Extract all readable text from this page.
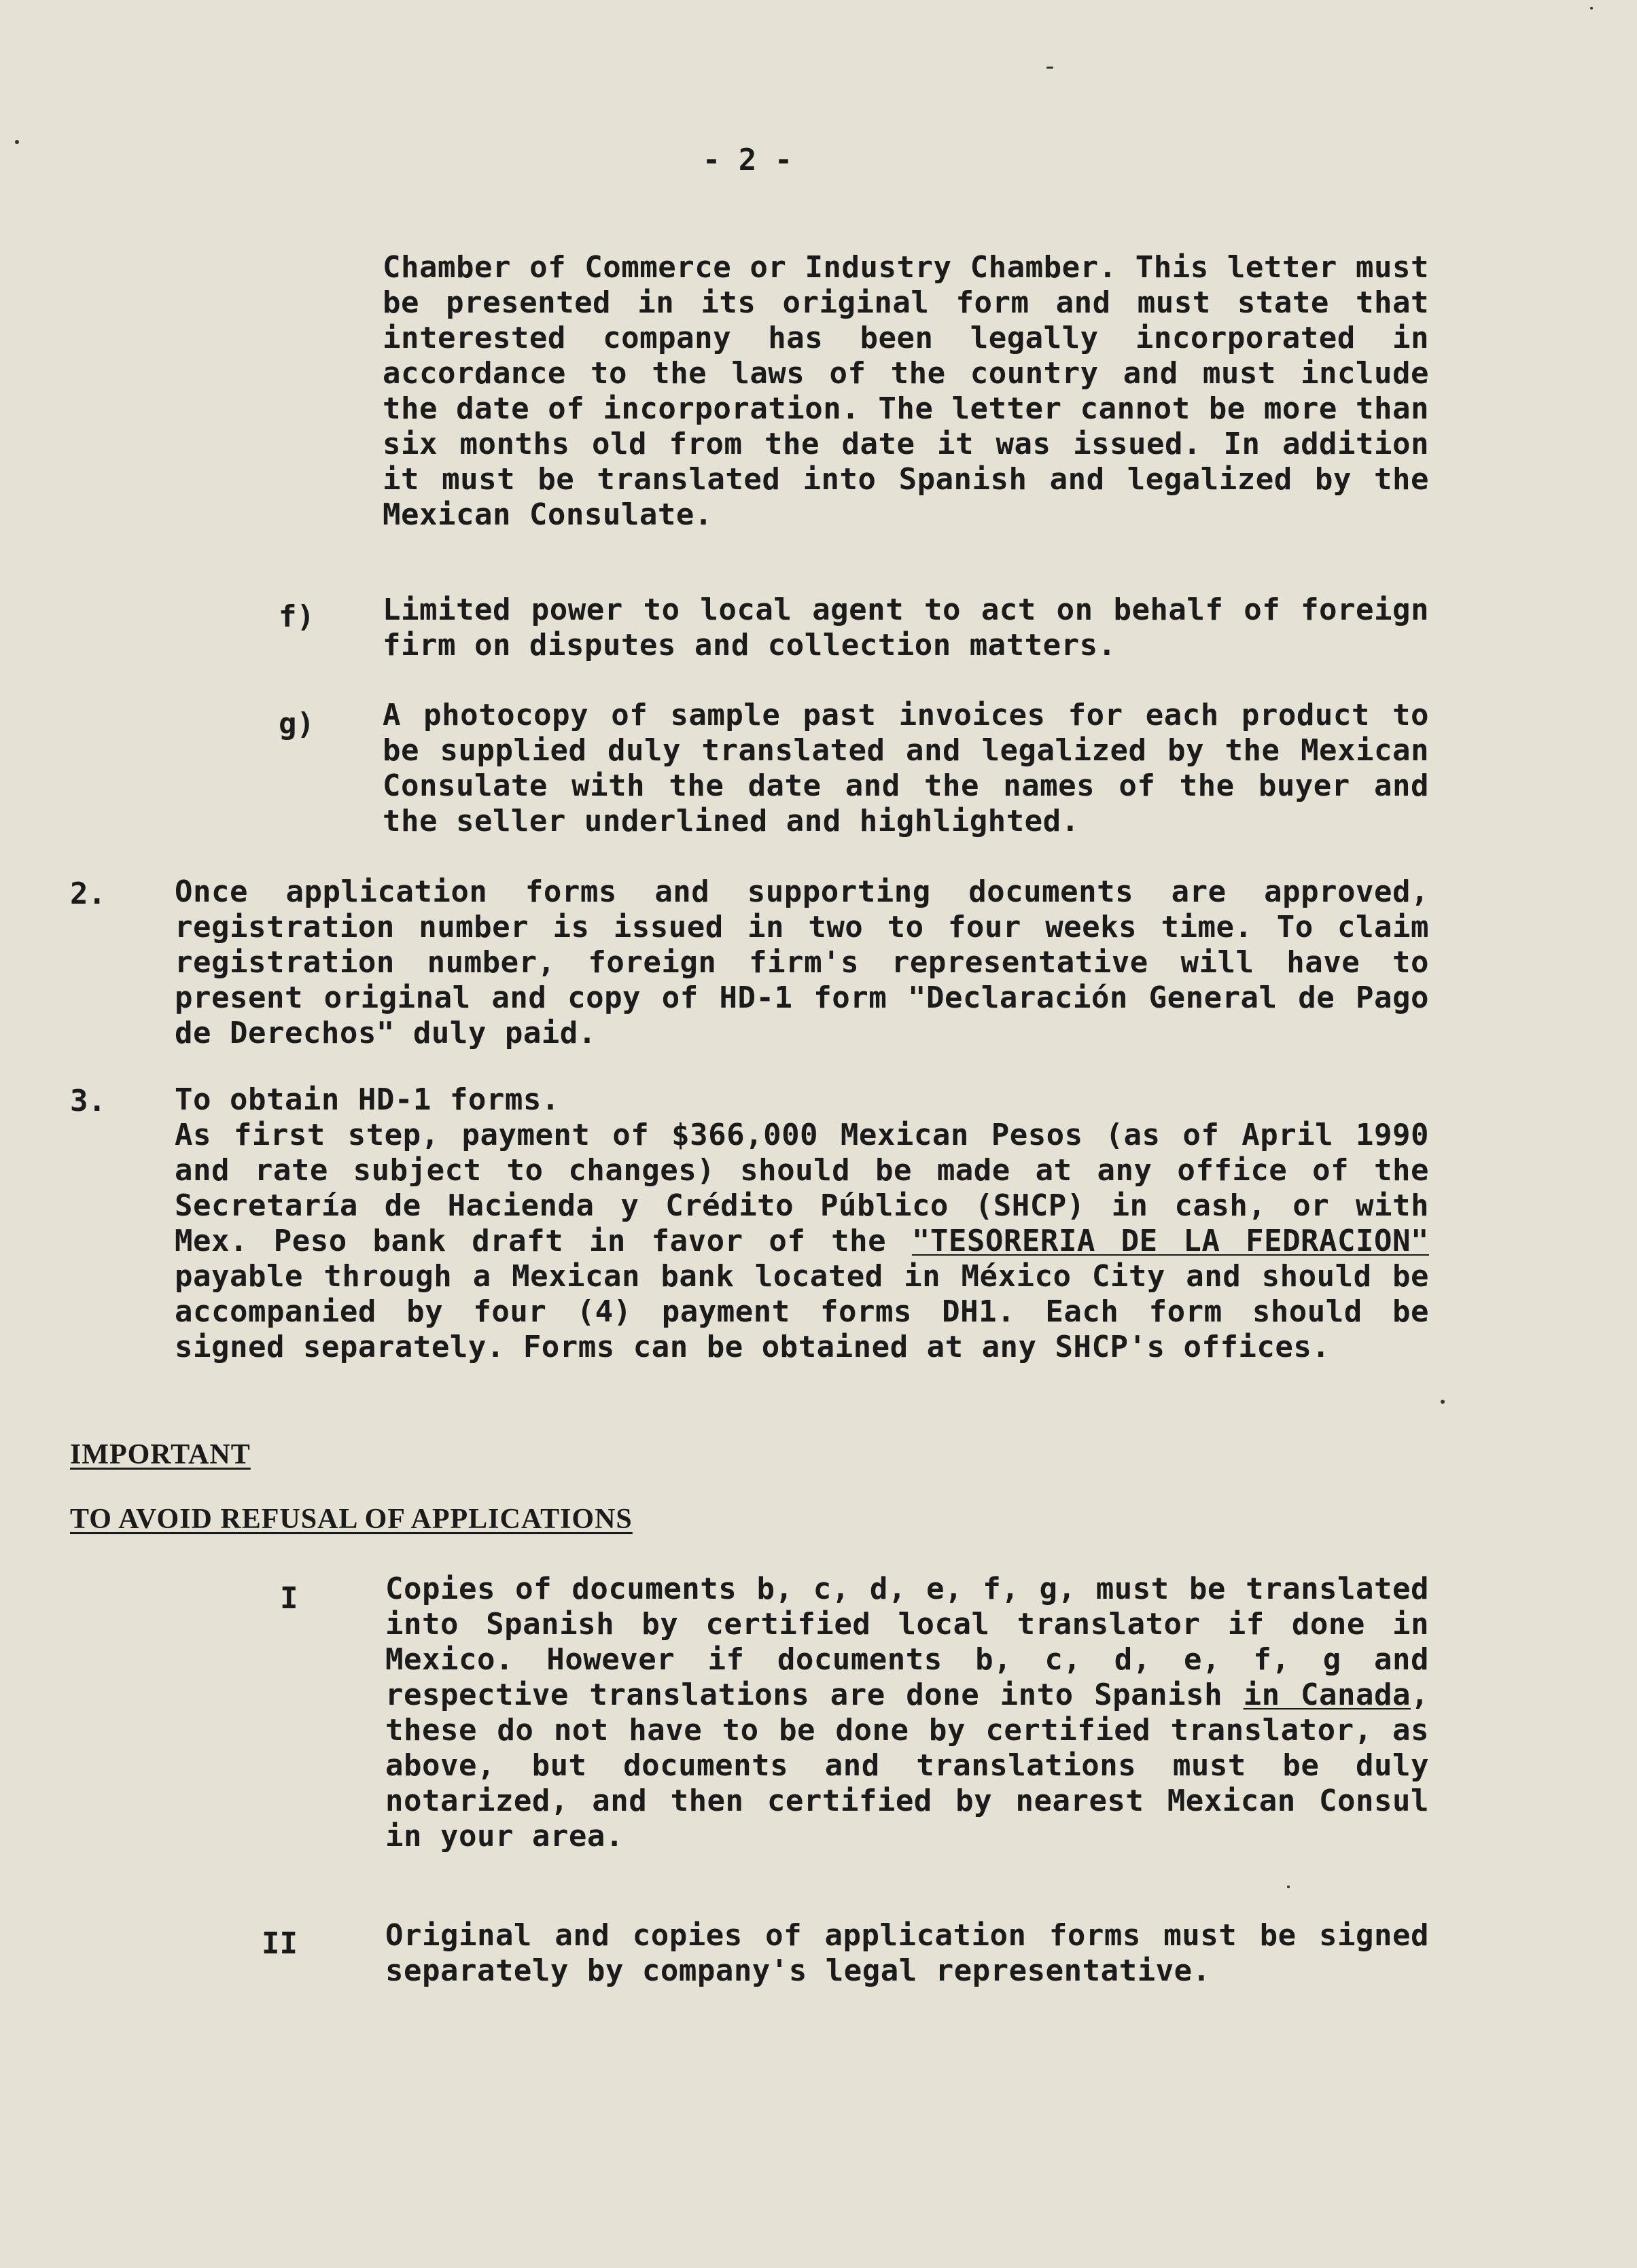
- 2 -
Chamber of Commerce or Industry Chamber. This letter must be presented in its original form and must state that interested company has been legally incorporated in accordance to the laws of the country and must include the date of incorporation. The letter cannot be more than six months old from the date it was issued. In addition it must be translated into Spanish and legalized by the Mexican Consulate.
f) Limited power to local agent to act on behalf of foreign firm on disputes and collection matters.
g) A photocopy of sample past invoices for each product to be supplied duly translated and legalized by the Mexican Consulate with the date and the names of the buyer and the seller underlined and highlighted.
2. Once application forms and supporting documents are approved, registration number is issued in two to four weeks time. To claim registration number, foreign firm's representative will have to present original and copy of HD-1 form "Declaración General de Pago de Derechos" duly paid.
3. To obtain HD-1 forms.
As first step, payment of $366,000 Mexican Pesos (as of April 1990 and rate subject to changes) should be made at any office of the Secretaría de Hacienda y Crédito Público (SHCP) in cash, or with Mex. Peso bank draft in favor of the "TESORERIA DE LA FEDRACION" payable through a Mexican bank located in México City and should be accompanied by four (4) payment forms DH1. Each form should be signed separately. Forms can be obtained at any SHCP's offices.
IMPORTANT
TO AVOID REFUSAL OF APPLICATIONS
I	Copies of documents b, c, d, e, f, g, must be translated into Spanish by certified local translator if done in Mexico. However if documents b, c, d, e, f, g and respective translations are done into Spanish in Canada, these do not have to be done by certified translator, as above, but documents and translations must be duly notarized, and then certified by nearest Mexican Consul in your area.
II	Original and copies of application forms must be signed separately by company's legal representative.
